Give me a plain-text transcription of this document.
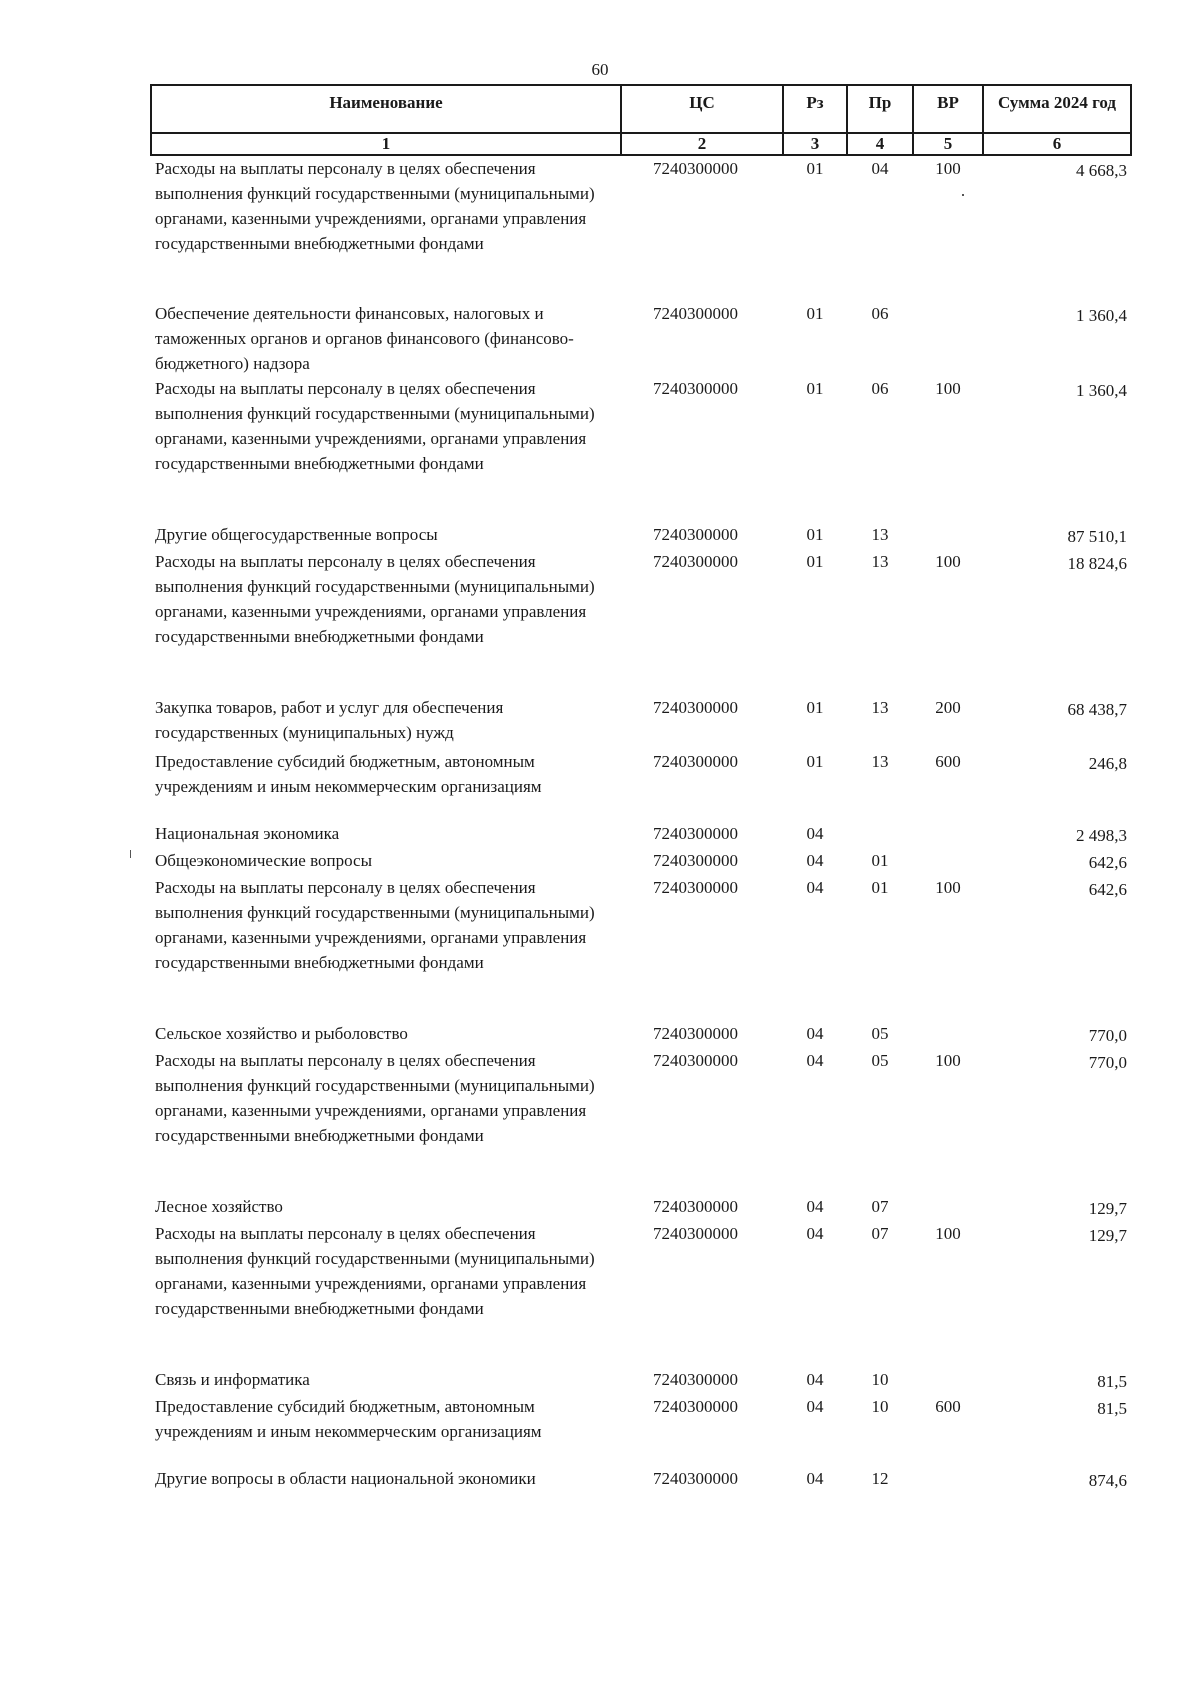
60
Наименование	ЦС	Рз	Пр	ВР	Сумма 2024 год
1	2	3	4	5	6
Расходы на выплаты персоналу в целях обеспечения выполнения функций государственными (муниципальными) органами, казенными учреждениями, органами управления государственными внебюджетными фондами	7240300000	01	04	100	4 668,3
Обеспечение деятельности финансовых, налоговых и таможенных органов и органов финансового (финансово-бюджетного) надзора	7240300000	01	06		1 360,4
Расходы на выплаты персоналу в целях обеспечения выполнения функций государственными (муниципальными) органами, казенными учреждениями, органами управления государственными внебюджетными фондами	7240300000	01	06	100	1 360,4
Другие общегосударственные вопросы	7240300000	01	13		87 510,1
Расходы на выплаты персоналу в целях обеспечения выполнения функций государственными (муниципальными) органами, казенными учреждениями, органами управления государственными внебюджетными фондами	7240300000	01	13	100	18 824,6
Закупка товаров, работ и услуг для обеспечения государственных (муниципальных) нужд	7240300000	01	13	200	68 438,7
Предоставление субсидий бюджетным, автономным учреждениям и иным некоммерческим организациям	7240300000	01	13	600	246,8
Национальная экономика	7240300000	04			2 498,3
Общеэкономические вопросы	7240300000	04	01		642,6
Расходы на выплаты персоналу в целях обеспечения выполнения функций государственными (муниципальными) органами, казенными учреждениями, органами управления государственными внебюджетными фондами	7240300000	04	01	100	642,6
Сельское хозяйство и рыболовство	7240300000	04	05		770,0
Расходы на выплаты персоналу в целях обеспечения выполнения функций государственными (муниципальными) органами, казенными учреждениями, органами управления государственными внебюджетными фондами	7240300000	04	05	100	770,0
Лесное хозяйство	7240300000	04	07		129,7
Расходы на выплаты персоналу в целях обеспечения выполнения функций государственными (муниципальными) органами, казенными учреждениями, органами управления государственными внебюджетными фондами	7240300000	04	07	100	129,7
Связь и информатика	7240300000	04	10		81,5
Предоставление субсидий бюджетным, автономным учреждениям и иным некоммерческим организациям	7240300000	04	10	600	81,5
Другие вопросы в области национальной экономики	7240300000	04	12		874,6
